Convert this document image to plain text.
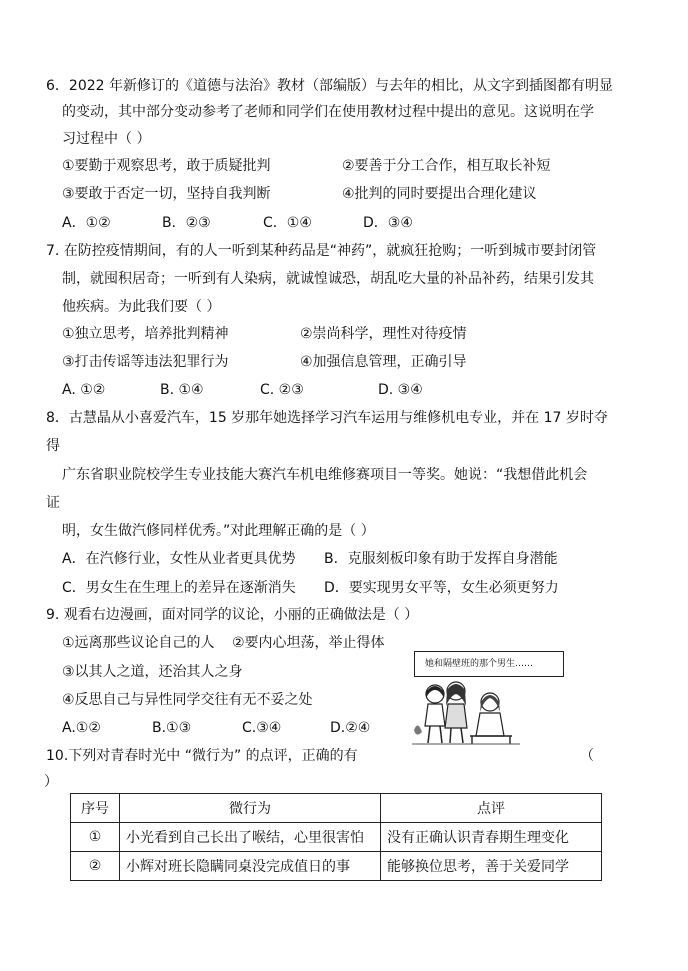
6．2022 年新修订的《道德与法治》教材（部编版）与去年的相比，从文字到插图都有明显
的变动，其中部分变动参考了老师和同学们在使用教材过程中提出的意见。这说明在学
习过程中（ ）
①要勤于观察思考，敢于质疑批判	②要善于分工合作，相互取长补短
③要敢于否定一切，坚持自我判断	④批判的同时要提出合理化建议
A．①②	B．②③	C．①④	D．③④
7. 在防控疫情期间，有的人一听到某种药品是“神药”，就疯狂抢购；一听到城市要封闭管
制，就囤积居奇；一听到有人染病，就诚惶诚恐，胡乱吃大量的补品补药，结果引发其
他疾病。为此我们要（ ）
①独立思考，培养批判精神	②崇尚科学，理性对待疫情
③打击传谣等违法犯罪行为	④加强信息管理，正确引导
A. ①②	B. ①④	C. ②③	D. ③④
8．古慧晶从小喜爱汽车，15 岁那年她选择学习汽车运用与维修机电专业，并在 17 岁时夺
得
广东省职业院校学生专业技能大赛汽车机电维修赛项目一等奖。她说：“我想借此机会
证
明，女生做汽修同样优秀。”对此理解正确的是（ ）
A．在汽修行业，女性从业者更具优势 B．克服刻板印象有助于发挥自身潜能
C．男女生在生理上的差异在逐渐消失 D．要实现男女平等，女生必须更努力
9. 观看右边漫画，面对同学的议论，小丽的正确做法是（ ）
①远离那些议论自己的人 ②要内心坦荡，举止得体
③以其人之道，还治其人之身
④反思自己与异性同学交往有无不妥之处
A.①②	B.①③	C.③④	D.②④
她和隔壁班的那个男生……
10.下列对青春时光中 “微行为” 的点评，正确的有	（
）
序号	微行为	点评
①	小光看到自己长出了喉结，心里很害怕	没有正确认识青春期生理变化
②	小辉对班长隐瞒同桌没完成值日的事	能够换位思考，善于关爱同学
